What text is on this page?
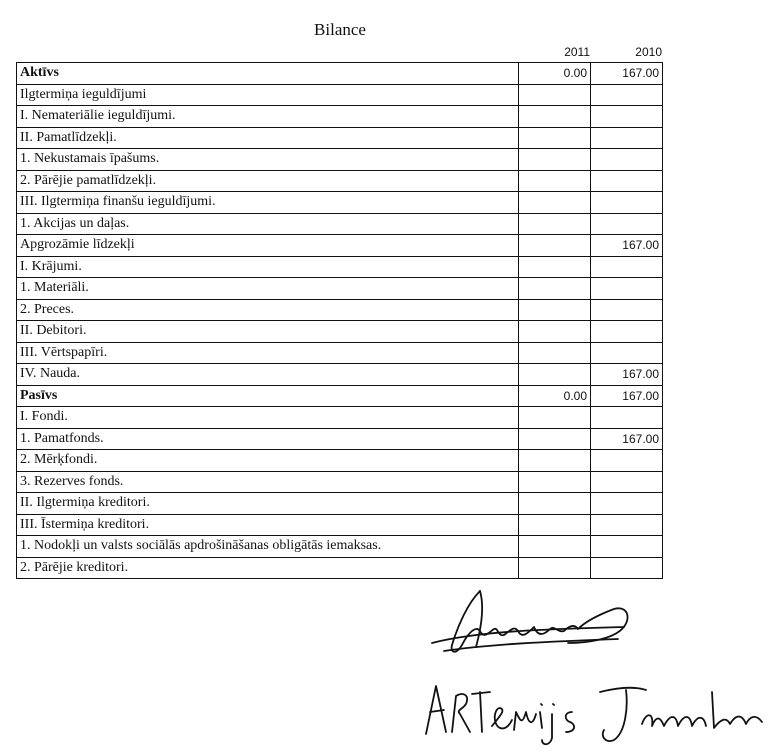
Bilance
2011	2010
Aktīvs	0.00	167.00
Ilgtermiņa ieguldījumi		
I. Nemateriālie ieguldījumi.		
II. Pamatlīdzekļi.		
1. Nekustamais īpašums.		
2. Pārējie pamatlīdzekļi.		
III. Ilgtermiņa finanšu ieguldījumi.		
1. Akcijas un daļas.		
Apgrozāmie līdzekļi		167.00
I. Krājumi.		
1. Materiāli.		
2. Preces.		
II. Debitori.		
III. Vērtspapīri.		
IV. Nauda.		167.00
Pasīvs	0.00	167.00
I. Fondi.		
1. Pamatfonds.		167.00
2. Mērķfondi.		
3. Rezerves fonds.		
II. Ilgtermiņa kreditori.		
III. Īstermiņa kreditori.		
1. Nodokļi un valsts sociālās apdrošināšanas obligātās iemaksas.		
2. Pārējie kreditori.		
